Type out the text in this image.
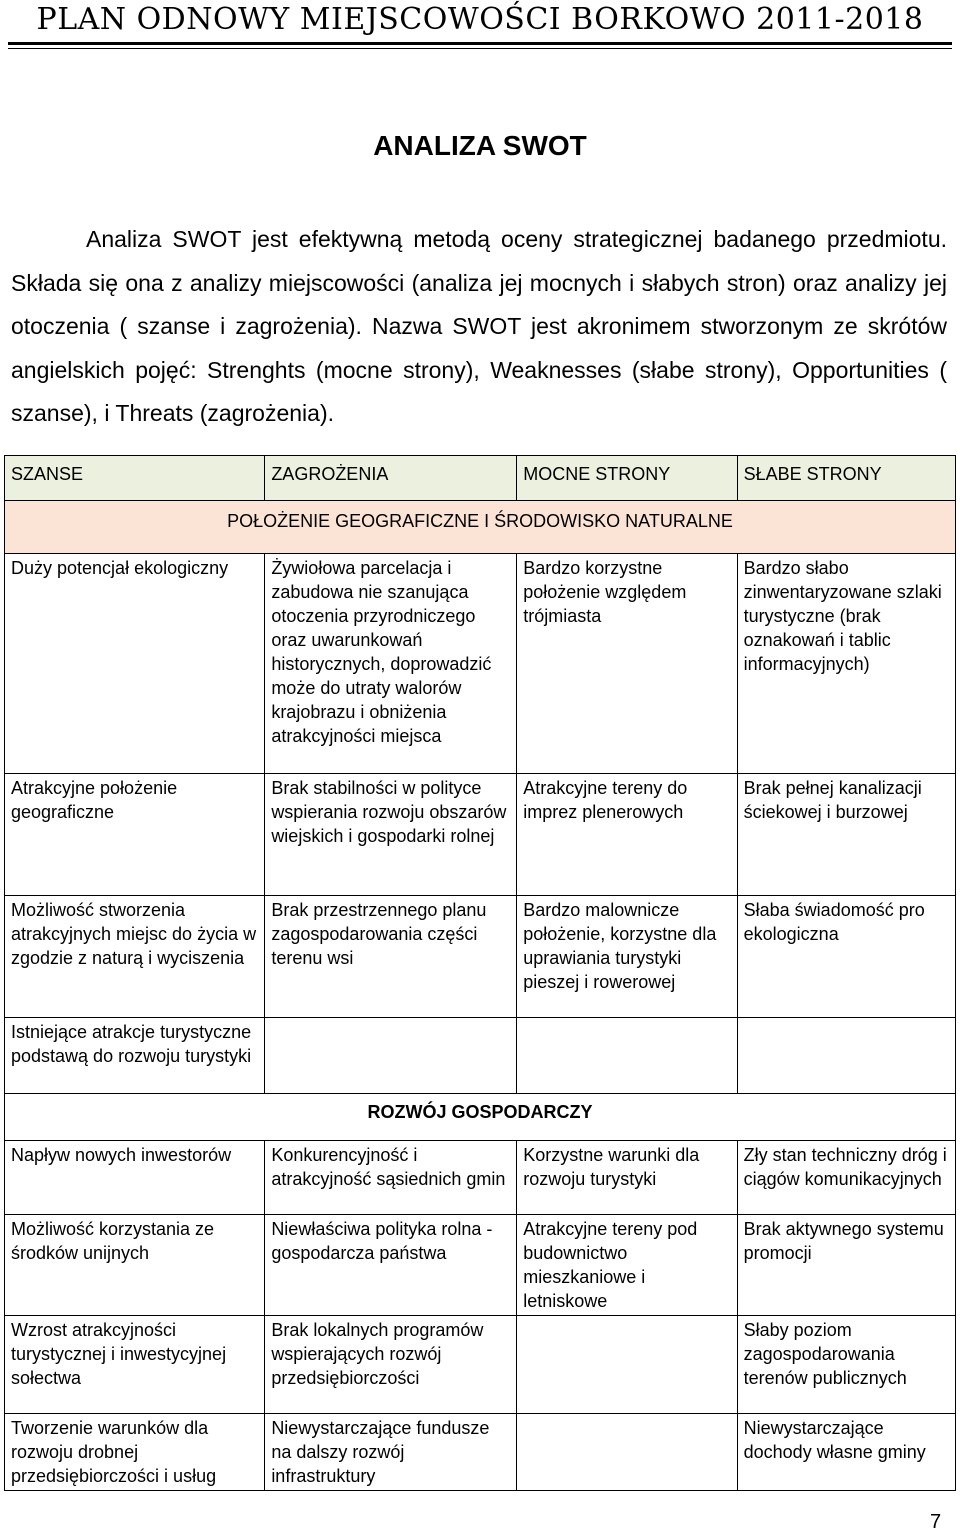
PLAN ODNOWY MIEJSCOWOŚCI BORKOWO 2011-2018
ANALIZA SWOT

Analiza SWOT jest efektywną metodą oceny strategicznej badanego przedmiotu. Składa się ona z analizy miejscowości (analiza jej mocnych i słabych stron) oraz analizy jej otoczenia ( szanse i zagrożenia). Nazwa SWOT jest akronimem stworzonym ze skrótów angielskich pojęć: Strenghts (mocne strony), Weaknesses (słabe strony), Opportunities ( szanse), i Threats (zagrożenia).

SZANSE	ZAGROŻENIA	MOCNE STRONY	SŁABE STRONY
POŁOŻENIE GEOGRAFICZNE I ŚRODOWISKO NATURALNE			
Duży potencjał ekologiczny	Żywiołowa parcelacja i zabudowa nie szanująca otoczenia przyrodniczego oraz uwarunkowań historycznych, doprowadzić może do utraty walorów krajobrazu i obniżenia atrakcyjności miejsca	Bardzo korzystne położenie względem trójmiasta	Bardzo słabo zinwentaryzowane szlaki turystyczne (brak oznakowań i tablic informacyjnych)
Atrakcyjne położenie geograficzne	Brak stabilności w polityce wspierania rozwoju obszarów wiejskich i gospodarki rolnej	Atrakcyjne tereny do imprez plenerowych	Brak pełnej kanalizacji ściekowej i burzowej
Możliwość stworzenia atrakcyjnych miejsc do życia w zgodzie z naturą i wyciszenia	Brak przestrzennego planu zagospodarowania części terenu wsi	Bardzo malownicze położenie, korzystne dla uprawiania turystyki pieszej i rowerowej	Słaba świadomość pro ekologiczna
Istniejące atrakcje turystyczne podstawą do rozwoju turystyki			
ROZWÓJ GOSPODARCZY			
Napływ nowych inwestorów	Konkurencyjność i atrakcyjność sąsiednich gmin	Korzystne warunki dla rozwoju turystyki	Zły stan techniczny dróg i ciągów komunikacyjnych
Możliwość korzystania ze środków unijnych	Niewłaściwa polityka rolna - gospodarcza państwa	Atrakcyjne tereny pod budownictwo mieszkaniowe i letniskowe	Brak aktywnego systemu promocji
Wzrost atrakcyjności turystycznej i inwestycyjnej sołectwa	Brak lokalnych programów wspierających rozwój przedsiębiorczości		Słaby poziom zagospodarowania terenów publicznych
Tworzenie warunków dla rozwoju drobnej przedsiębiorczości i usług	Niewystarczające fundusze na dalszy rozwój infrastruktury		Niewystarczające dochody własne gminy
7
